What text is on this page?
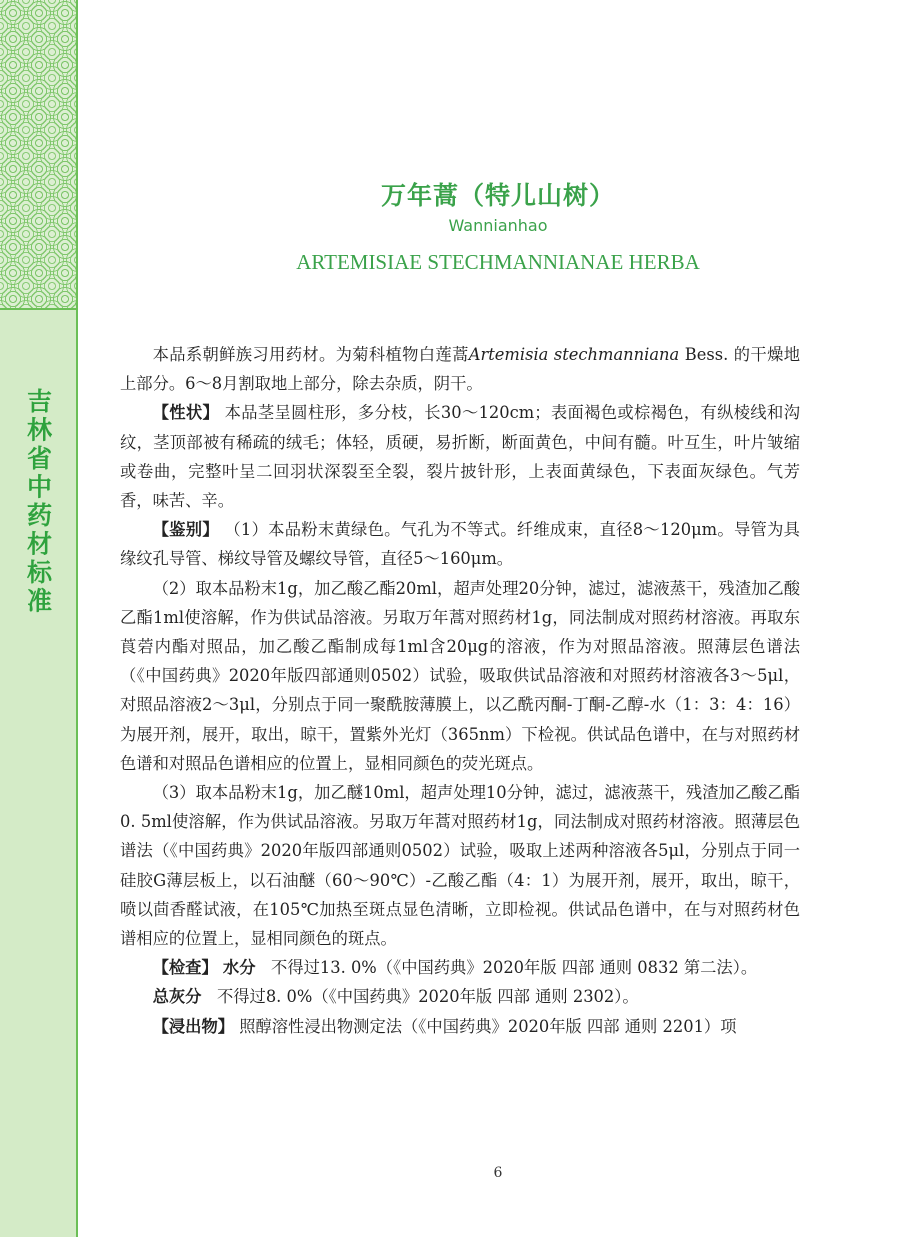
吉林省中药材标准
万年蒿（特儿山树）
Wannianhao
ARTEMISIAE STECHMANNIANAE HERBA

本品系朝鲜族习用药材。为菊科植物白莲蒿Artemisia stechmanniana Bess. 的干燥地上部分。6～8月割取地上部分，除去杂质，阴干。

【性状】 本品茎呈圆柱形，多分枝，长30～120cm；表面褐色或棕褐色，有纵棱线和沟纹，茎顶部被有稀疏的绒毛；体轻，质硬，易折断，断面黄色，中间有髓。叶互生，叶片皱缩或卷曲，完整叶呈二回羽状深裂至全裂，裂片披针形，上表面黄绿色，下表面灰绿色。气芳香，味苦、辛。

【鉴别】 （1）本品粉末黄绿色。气孔为不等式。纤维成束，直径8～120μm。导管为具缘纹孔导管、梯纹导管及螺纹导管，直径5～160μm。

（2）取本品粉末1g，加乙酸乙酯20ml，超声处理20分钟，滤过，滤液蒸干，残渣加乙酸乙酯1ml使溶解，作为供试品溶液。另取万年蒿对照药材1g，同法制成对照药材溶液。再取东莨菪内酯对照品，加乙酸乙酯制成每1ml含20μg的溶液，作为对照品溶液。照薄层色谱法（《中国药典》2020年版四部通则0502）试验，吸取供试品溶液和对照药材溶液各3～5μl，对照品溶液2～3μl，分别点于同一聚酰胺薄膜上，以乙酰丙酮-丁酮-乙醇-水（1：3：4：16）为展开剂，展开，取出，晾干，置紫外光灯（365nm）下检视。供试品色谱中，在与对照药材色谱和对照品色谱相应的位置上，显相同颜色的荧光斑点。

（3）取本品粉末1g，加乙醚10ml，超声处理10分钟，滤过，滤液蒸干，残渣加乙酸乙酯0. 5ml使溶解，作为供试品溶液。另取万年蒿对照药材1g，同法制成对照药材溶液。照薄层色谱法（《中国药典》2020年版四部通则0502）试验，吸取上述两种溶液各5μl，分别点于同一硅胶G薄层板上，以石油醚（60～90℃）-乙酸乙酯（4：1）为展开剂，展开，取出，晾干，喷以茴香醛试液，在105℃加热至斑点显色清晰，立即检视。供试品色谱中，在与对照药材色谱相应的位置上，显相同颜色的斑点。

【检查】 水分 不得过13. 0%（《中国药典》2020年版 四部 通则 0832 第二法）。

总灰分 不得过8. 0%（《中国药典》2020年版 四部 通则 2302）。

【浸出物】 照醇溶性浸出物测定法（《中国药典》2020年版 四部 通则 2201）项

6
